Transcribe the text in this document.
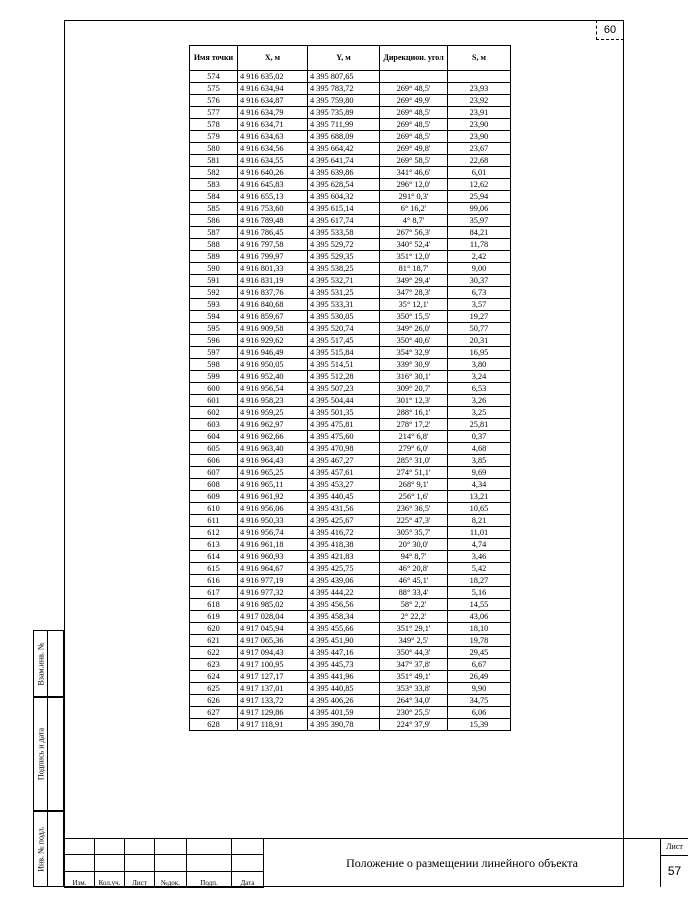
60
Имя точки	X, м	Y, м	Дирекцион. угол	S, м
574	4 916 635,02	4 395 807,65		
575	4 916 634,94	4 395 783,72	269° 48,5'	23,93
576	4 916 634,87	4 395 759,80	269° 49,9'	23,92
577	4 916 634,79	4 395 735,89	269° 48,5'	23,91
578	4 916 634,71	4 395 711,99	269° 48,5'	23,90
579	4 916 634,63	4 395 688,09	269° 48,5'	23,90
580	4 916 634,56	4 395 664,42	269° 49,8'	23,67
581	4 916 634,55	4 395 641,74	269° 58,5'	22,68
582	4 916 640,26	4 395 639,86	341° 46,6'	6,01
583	4 916 645,83	4 395 628,54	296° 12,0'	12,62
584	4 916 655,13	4 395 604,32	291° 0,3'	25,94
585	4 916 753,60	4 395 615,14	6° 16,2'	99,06
586	4 916 789,48	4 395 617,74	4° 8,7'	35,97
587	4 916 786,45	4 395 533,58	267° 56,3'	84,21
588	4 916 797,58	4 395 529,72	340° 52,4'	11,78
589	4 916 799,97	4 395 529,35	351° 12,0'	2,42
590	4 916 801,33	4 395 538,25	81° 18,7'	9,00
591	4 916 831,19	4 395 532,71	349° 29,4'	30,37
592	4 916 837,76	4 395 531,25	347° 28,3'	6,73
593	4 916 840,68	4 395 533,31	35° 12,1'	3,57
594	4 916 859,67	4 395 530,05	350° 15,5'	19,27
595	4 916 909,58	4 395 520,74	349° 26,0'	50,77
596	4 916 929,62	4 395 517,45	350° 40,6'	20,31
597	4 916 946,49	4 395 515,84	354° 32,9'	16,95
598	4 916 950,05	4 395 514,51	339° 30,9'	3,80
599	4 916 952,40	4 395 512,28	316° 30,1'	3,24
600	4 916 956,54	4 395 507,23	309° 20,7'	6,53
601	4 916 958,23	4 395 504,44	301° 12,3'	3,26
602	4 916 959,25	4 395 501,35	288° 16,1'	3,25
603	4 916 962,97	4 395 475,81	278° 17,2'	25,81
604	4 916 962,66	4 395 475,60	214° 6,8'	0,37
605	4 916 963,40	4 395 470,98	279° 6,0'	4,68
606	4 916 964,43	4 395 467,27	285° 31,0'	3,85
607	4 916 965,25	4 395 457,61	274° 51,1'	9,69
608	4 916 965,11	4 395 453,27	268° 9,1'	4,34
609	4 916 961,92	4 395 440,45	256° 1,6'	13,21
610	4 916 956,06	4 395 431,56	236° 36,5'	10,65
611	4 916 950,33	4 395 425,67	225° 47,3'	8,21
612	4 916 956,74	4 395 416,72	305° 35,7'	11,01
613	4 916 961,18	4 395 418,38	20° 30,0'	4,74
614	4 916 960,93	4 395 421,83	94° 8,7'	3,46
615	4 916 964,67	4 395 425,75	46° 20,8'	5,42
616	4 916 977,19	4 395 439,06	46° 45,1'	18,27
617	4 916 977,32	4 395 444,22	88° 33,4'	5,16
618	4 916 985,02	4 395 456,56	58° 2,2'	14,55
619	4 917 028,04	4 395 458,34	2° 22,2'	43,06
620	4 917 045,94	4 395 455,66	351° 29,1'	18,10
621	4 917 065,36	4 395 451,90	349° 2,5'	19,78
622	4 917 094,43	4 395 447,16	350° 44,3'	29,45
623	4 917 100,95	4 395 445,73	347° 37,8'	6,67
624	4 917 127,17	4 395 441,96	351° 49,1'	26,49
625	4 917 137,01	4 395 440,85	353° 33,8'	9,90
626	4 917 133,72	4 395 406,26	264° 34,0'	34,75
627	4 917 129,86	4 395 401,59	230° 25,5'	6,06
628	4 917 118,91	4 395 390,78	224° 37,9'	15,39
Взам.инв. №
Подпись и дата
Инв. № подл.

Изм.	Кол.уч.	Лист	№док.	Подп.	Дата
Положение о размещении линейного объекта
Лист
57
